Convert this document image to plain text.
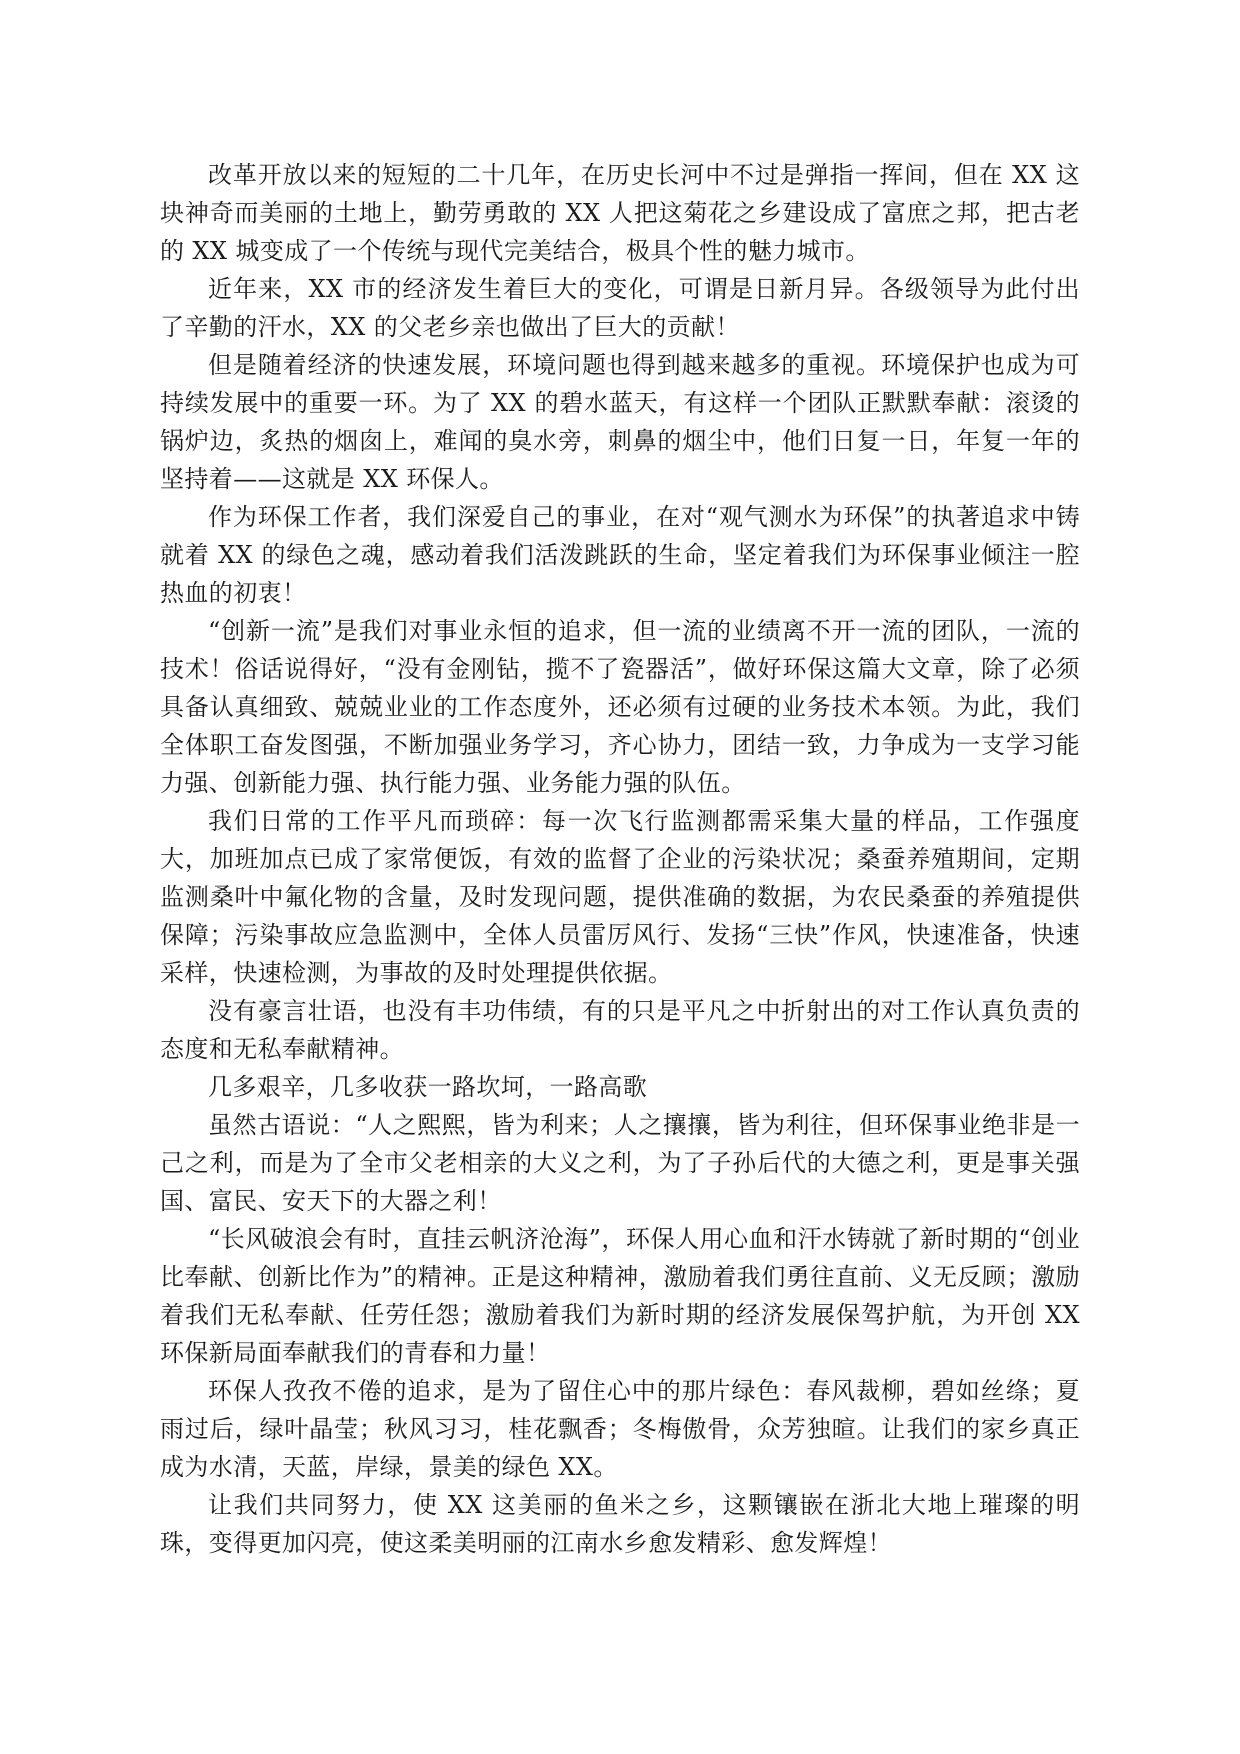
改革开放以来的短短的二十几年，在历史长河中不过是弹指一挥间，但在 XX 这块神奇而美丽的土地上，勤劳勇敢的 XX 人把这菊花之乡建设成了富庶之邦，把古老的 XX 城变成了一个传统与现代完美结合，极具个性的魅力城市。

近年来，XX 市的经济发生着巨大的变化，可谓是日新月异。各级领导为此付出了辛勤的汗水，XX 的父老乡亲也做出了巨大的贡献！

但是随着经济的快速发展，环境问题也得到越来越多的重视。环境保护也成为可持续发展中的重要一环。为了 XX 的碧水蓝天，有这样一个团队正默默奉献：滚烫的锅炉边，炙热的烟囱上，难闻的臭水旁，刺鼻的烟尘中，他们日复一日，年复一年的坚持着——这就是 XX 环保人。

作为环保工作者，我们深爱自己的事业，在对“观气测水为环保”的执著追求中铸就着 XX 的绿色之魂，感动着我们活泼跳跃的生命，坚定着我们为环保事业倾注一腔热血的初衷！

“创新一流”是我们对事业永恒的追求，但一流的业绩离不开一流的团队，一流的技术！俗话说得好，“没有金刚钻，揽不了瓷器活”，做好环保这篇大文章，除了必须具备认真细致、兢兢业业的工作态度外，还必须有过硬的业务技术本领。为此，我们全体职工奋发图强，不断加强业务学习，齐心协力，团结一致，力争成为一支学习能力强、创新能力强、执行能力强、业务能力强的队伍。

我们日常的工作平凡而琐碎：每一次飞行监测都需采集大量的样品，工作强度大，加班加点已成了家常便饭，有效的监督了企业的污染状况；桑蚕养殖期间，定期监测桑叶中氟化物的含量，及时发现问题，提供准确的数据，为农民桑蚕的养殖提供保障；污染事故应急监测中，全体人员雷厉风行、发扬“三快”作风，快速准备，快速采样，快速检测，为事故的及时处理提供依据。

没有豪言壮语，也没有丰功伟绩，有的只是平凡之中折射出的对工作认真负责的态度和无私奉献精神。

几多艰辛，几多收获一路坎坷，一路高歌

虽然古语说：“人之熙熙，皆为利来；人之攘攘，皆为利往，但环保事业绝非是一己之利，而是为了全市父老相亲的大义之利，为了子孙后代的大德之利，更是事关强国、富民、安天下的大器之利！

“长风破浪会有时，直挂云帆济沧海”，环保人用心血和汗水铸就了新时期的“创业比奉献、创新比作为”的精神。正是这种精神，激励着我们勇往直前、义无反顾；激励着我们无私奉献、任劳任怨；激励着我们为新时期的经济发展保驾护航，为开创 XX 环保新局面奉献我们的青春和力量！

环保人孜孜不倦的追求，是为了留住心中的那片绿色：春风裁柳，碧如丝绦；夏雨过后，绿叶晶莹；秋风习习，桂花飘香；冬梅傲骨，众芳独暄。让我们的家乡真正成为水清，天蓝，岸绿，景美的绿色 XX。

让我们共同努力，使 XX 这美丽的鱼米之乡，这颗镶嵌在浙北大地上璀璨的明珠，变得更加闪亮，使这柔美明丽的江南水乡愈发精彩、愈发辉煌！
